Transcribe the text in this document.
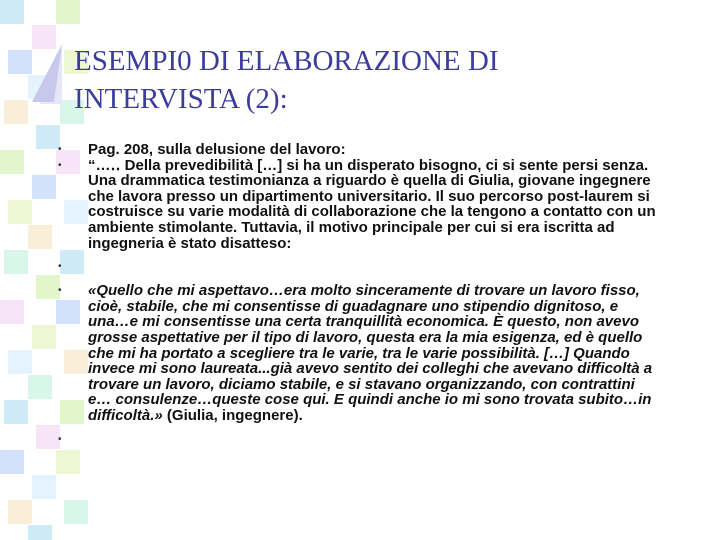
ESEMPI0 DI ELABORAZIONE DI
INTERVISTA (2):
• Pag. 208, sulla delusione del lavoro:
• “…‥ Della prevedibilità […] si ha un disperato bisogno, ci si sente persi senza. Una drammatica testimonianza a riguardo è quella di Giulia, giovane ingegnere che lavora presso un dipartimento universitario. Il suo percorso post-laurem si costruisce su varie modalità di collaborazione che la tengono a contatto con un ambiente stimolante. Tuttavia, il motivo principale per cui si era iscritta ad ingegneria è stato disatteso:
•
• «Quello che mi aspettavo…era molto sinceramente di trovare un lavoro fisso, cioè, stabile, che mi consentisse di guadagnare uno stipendio dignitoso, e una…e mi consentisse una certa tranquillità economica. È questo, non avevo grosse aspettative per il tipo di lavoro, questa era la mia esigenza, ed è quello che mi ha portato a scegliere tra le varie, tra le varie possibilità. […] Quando invece mi sono laureata...già avevo sentito dei colleghi che avevano difficoltà a trovare un lavoro, diciamo stabile, e si stavano organizzando, con contrattini e… consulenze…queste cose qui. E quindi anche io mi sono trovata subito…in difficoltà.» (Giulia, ingegnere).
•
